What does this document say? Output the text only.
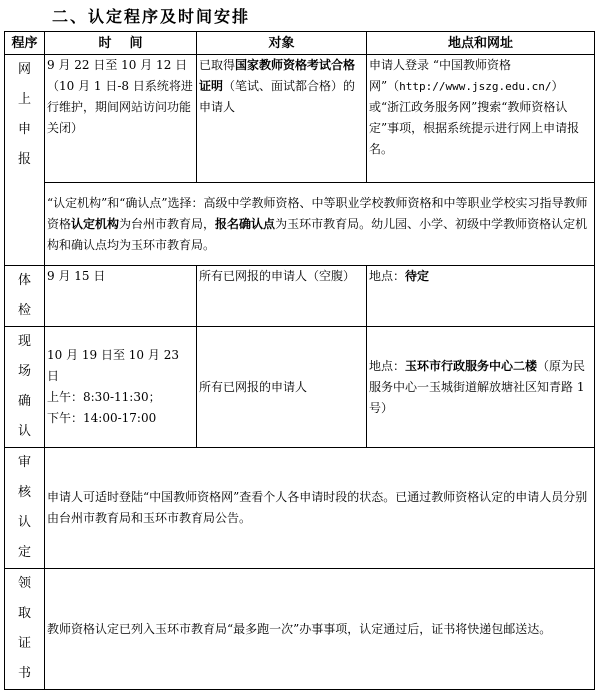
二、认定程序及时间安排
程序	时    间	对象	地点和网址
网上申报	9 月 22 日至 10 月 12 日（10 月 1 日-8 日系统将进行维护，期间网站访问功能关闭）	已取得国家教师资格考试合格证明（笔试、面试都合格）的申请人	申请人登录 “中国教师资格网”（http://www.jszg.edu.cn/）或“浙江政务服务网”搜索“教师资格认定”事项，根据系统提示进行网上申请报名。
	“认定机构”和“确认点”选择：高级中学教师资格、中等职业学校教师资格和中等职业学校实习指导教师资格认定机构为台州市教育局，报名确认点为玉环市教育局。幼儿园、小学、初级中学教师资格认定机构和确认点均为玉环市教育局。		
体检	9 月 15 日	所有已网报的申请人（空腹）	地点：待定
现场确认	10 月 19 日至 10 月 23 日
上午：8:30-11:30；
下午：14:00-17:00	所有已网报的申请人	地点：玉环市行政服务中心二楼（原为民服务中心一玉城街道解放塘社区知青路 1 号）
审核认定	申请人可适时登陆“中国教师资格网”查看个人各申请时段的状态。已通过教师资格认定的申请人员分别由台州市教育局和玉环市教育局公告。		
领取证书	教师资格认定已列入玉环市教育局“最多跑一次”办事事项，认定通过后，证书将快递包邮送达。		
